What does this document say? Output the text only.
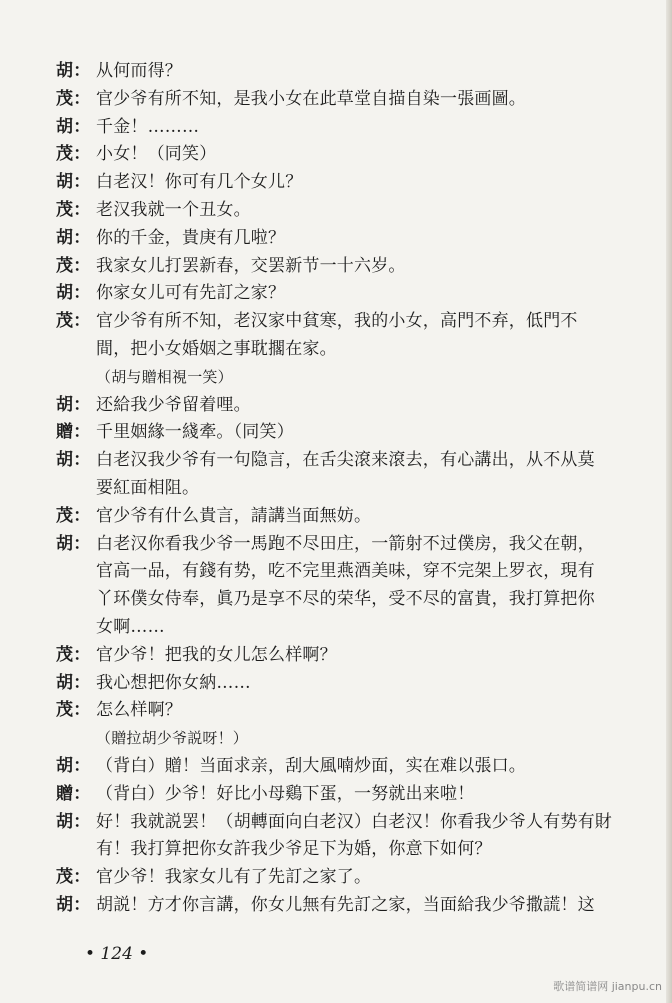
胡： 从何而得？
茂： 官少爷有所不知，是我小女在此草堂自描自染一張画圖。
胡： 千金！………
茂： 小女！（同笑）
胡： 白老汉！你可有几个女儿？
茂： 老汉我就一个丑女。
胡： 你的千金，貴庚有几啦？
茂： 我家女儿打罢新春，交罢新节一十六岁。
胡： 你家女儿可有先訂之家？
茂： 官少爷有所不知，老汉家中貧寒，我的小女，高門不弃，低門不
間，把小女婚姻之事耽擱在家。
（胡与贈相視一笑）
胡： 还給我少爷留着哩。
贈： 千里姻緣一綫牽。（同笑）
胡： 白老汉我少爷有一句隐言，在舌尖滾来滾去，有心講出，从不从莫
要紅面相阻。
茂： 官少爷有什么貴言，請講当面無妨。
胡： 白老汉你看我少爷一馬跑不尽田庄，一箭射不过僕房，我父在朝，
官高一品，有錢有势，吃不完里燕酒美味，穿不完架上罗衣，現有
丫环僕女侍奉，眞乃是享不尽的荣华，受不尽的富貴，我打算把你
女啊……
茂： 官少爷！把我的女儿怎么样啊？
胡： 我心想把你女納……
茂： 怎么样啊？
（贈拉胡少爷説呀！）
胡： （背白）贈！当面求亲，刮大風喃炒面，实在难以張口。
贈： （背白）少爷！好比小母鷄下蛋，一努就出来啦！
胡： 好！我就説罢！（胡轉面向白老汉）白老汉！你看我少爷人有势有財
有！我打算把你女許我少爷足下为婚，你意下如何？
茂： 官少爷！我家女儿有了先訂之家了。
胡： 胡説！方才你言講，你女儿無有先訂之家，当面給我少爷撒謊！这
• 124 •
歌谱简谱网 jianpu.cn
